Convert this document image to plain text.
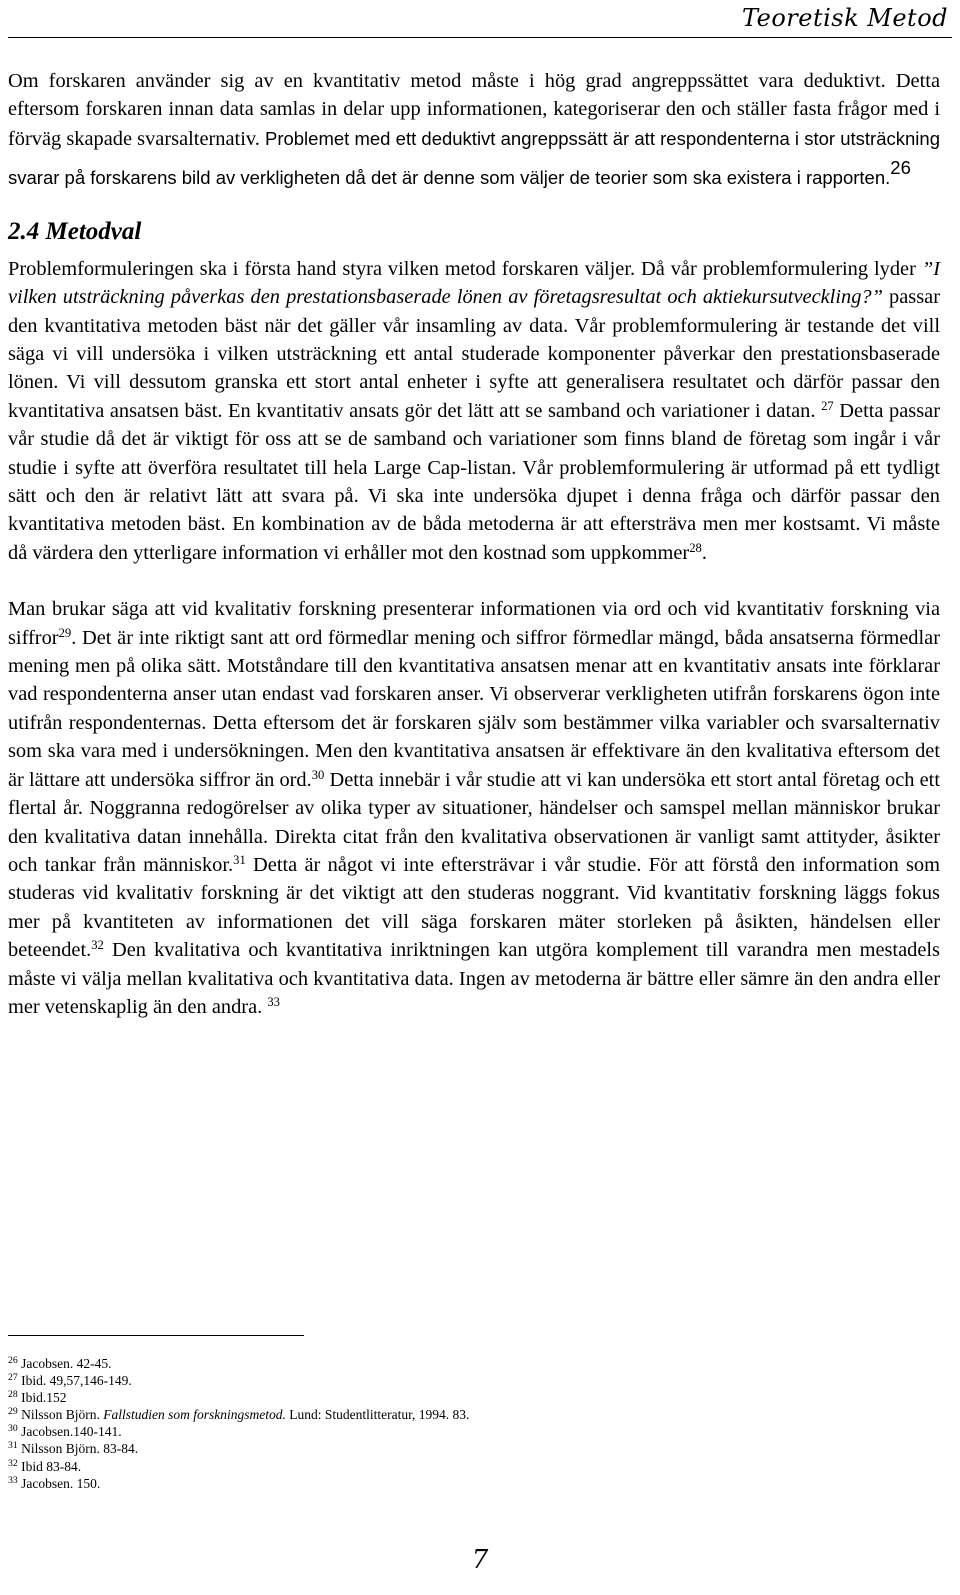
Teoretisk Metod

Om forskaren använder sig av en kvantitativ metod måste i hög grad angreppssättet vara deduktivt. Detta eftersom forskaren innan data samlas in delar upp informationen, kategoriserar den och ställer fasta frågor med i förväg skapade svarsalternativ. Problemet med ett deduktivt angreppssätt är att respondenterna i stor utsträckning svarar på forskarens bild av verkligheten då det är denne som väljer de teorier som ska existera i rapporten.$^{26}$

2.4 Metodval

Problemformuleringen ska i första hand styra vilken metod forskaren väljer. Då vår problemformulering lyder ”I vilken utsträckning påverkas den prestationsbaserade lönen av företagsresultat och aktiekursutveckling?” passar den kvantitativa metoden bäst när det gäller vår insamling av data. Vår problemformulering är testande det vill säga vi vill undersöka i vilken utsträckning ett antal studerade komponenter påverkar den prestationsbaserade lönen. Vi vill dessutom granska ett stort antal enheter i syfte att generalisera resultatet och därför passar den kvantitativa ansatsen bäst. En kvantitativ ansats gör det lätt att se samband och variationer i datan. $^{27}$ Detta passar vår studie då det är viktigt för oss att se de samband och variationer som finns bland de företag som ingår i vår studie i syfte att överföra resultatet till hela Large Cap-listan. Vår problemformulering är utformad på ett tydligt sätt och den är relativt lätt att svara på. Vi ska inte undersöka djupet i denna fråga och därför passar den kvantitativa metoden bäst. En kombination av de båda metoderna är att eftersträva men mer kostsamt. Vi måste då värdera den ytterligare information vi erhåller mot den kostnad som uppkommer$^{28}$.

Man brukar säga att vid kvalitativ forskning presenterar informationen via ord och vid kvantitativ forskning via siffror$^{29}$. Det är inte riktigt sant att ord förmedlar mening och siffror förmedlar mängd, båda ansatserna förmedlar mening men på olika sätt. Motståndare till den kvantitativa ansatsen menar att en kvantitativ ansats inte förklarar vad respondenterna anser utan endast vad forskaren anser. Vi observerar verkligheten utifrån forskarens ögon inte utifrån respondenternas. Detta eftersom det är forskaren själv som bestämmer vilka variabler och svarsalternativ som ska vara med i undersökningen. Men den kvantitativa ansatsen är effektivare än den kvalitativa eftersom det är lättare att undersöka siffror än ord.$^{30}$ Detta innebär i vår studie att vi kan undersöka ett stort antal företag och ett flertal år. Noggranna redogörelser av olika typer av situationer, händelser och samspel mellan människor brukar den kvalitativa datan innehålla. Direkta citat från den kvalitativa observationen är vanligt samt attityder, åsikter och tankar från människor.$^{31}$ Detta är något vi inte eftersträvar i vår studie. För att förstå den information som studeras vid kvalitativ forskning är det viktigt att den studeras noggrant. Vid kvantitativ forskning läggs fokus mer på kvantiteten av informationen det vill säga forskaren mäter storleken på åsikten, händelsen eller beteendet.$^{32}$ Den kvalitativa och kvantitativa inriktningen kan utgöra komplement till varandra men mestadels måste vi välja mellan kvalitativa och kvantitativa data. Ingen av metoderna är bättre eller sämre än den andra eller mer vetenskaplig än den andra. $^{33}$

$^{26}$ Jacobsen. 42-45.
$^{27}$ Ibid. 49,57,146-149.
$^{28}$ Ibid.152
$^{29}$ Nilsson Björn. Fallstudien som forskningsmetod. Lund: Studentlitteratur, 1994. 83.
$^{30}$ Jacobsen.140-141.
$^{31}$ Nilsson Björn. 83-84.
$^{32}$ Ibid 83-84.
$^{33}$ Jacobsen. 150.
7
